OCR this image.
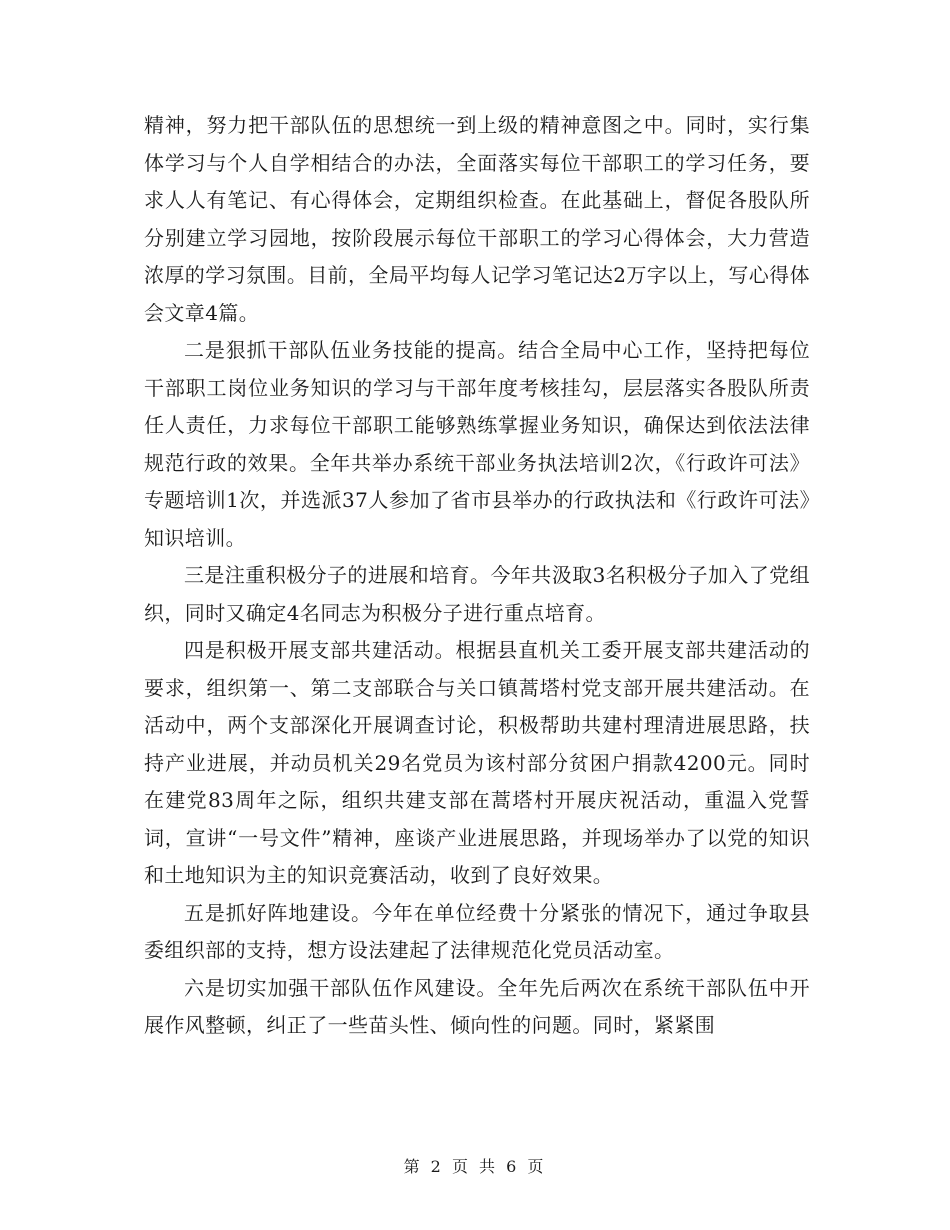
精神，努力把干部队伍的思想统一到上级的精神意图之中。同时，实行集体学习与个人自学相结合的办法，全面落实每位干部职工的学习任务，要求人人有笔记、有心得体会，定期组织检查。在此基础上，督促各股队所分别建立学习园地，按阶段展示每位干部职工的学习心得体会，大力营造浓厚的学习氛围。目前，全局平均每人记学习笔记达2万字以上，写心得体会文章4篇。

二是狠抓干部队伍业务技能的提高。结合全局中心工作，坚持把每位干部职工岗位业务知识的学习与干部年度考核挂勾，层层落实各股队所责任人责任，力求每位干部职工能够熟练掌握业务知识，确保达到依法法律规范行政的效果。全年共举办系统干部业务执法培训2次，《行政许可法》专题培训1次，并选派37人参加了省市县举办的行政执法和《行政许可法》知识培训。

三是注重积极分子的进展和培育。今年共汲取3名积极分子加入了党组织，同时又确定4名同志为积极分子进行重点培育。

四是积极开展支部共建活动。根据县直机关工委开展支部共建活动的要求，组织第一、第二支部联合与关口镇蒿塔村党支部开展共建活动。在活动中，两个支部深化开展调查讨论，积极帮助共建村理清进展思路，扶持产业进展，并动员机关29名党员为该村部分贫困户捐款4200元。同时在建党83周年之际，组织共建支部在蒿塔村开展庆祝活动，重温入党誓词，宣讲“一号文件”精神，座谈产业进展思路，并现场举办了以党的知识和土地知识为主的知识竞赛活动，收到了良好效果。

五是抓好阵地建设。今年在单位经费十分紧张的情况下，通过争取县委组织部的支持，想方设法建起了法律规范化党员活动室。

六是切实加强干部队伍作风建设。全年先后两次在系统干部队伍中开展作风整顿，纠正了一些苗头性、倾向性的问题。同时，紧紧围

第 2 页 共 6 页
